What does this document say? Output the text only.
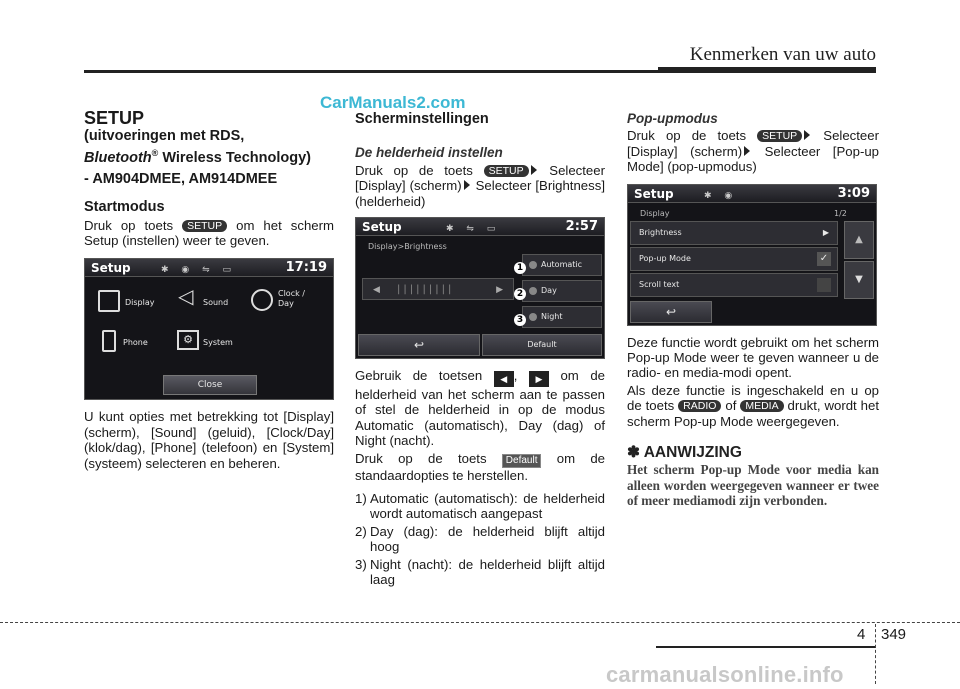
Kenmerken van uw auto
CarManuals2.com
SETUP
(uitvoeringen met RDS,
Bluetooth® Wireless Technology)
- AM904DMEE, AM914DMEE
Startmodus

Druk op toets SETUP om het scherm Setup (instellen) weer te geven.

Setup	✱ ◉ ⇋ ▭	17:19
Display ◁ Sound
Clock /
Day
Phone	⚙	System
Close

U kunt opties met betrekking tot [Display] (scherm), [Sound] (geluid), [Clock/Day] (klok/dag), [Phone] (telefoon) en [System] (systeem) selecteren en beheren.

Scherminstellingen
De helderheid instellen

Druk op de toets SETUP Selecteer [Display] (scherm) Selecteer [Brightness] (helderheid)

Setup	✱ ⇋ ▭	2:57
Display>Brightness
◀ |||||||||	▶
Automatic
Day
Night
1
2
3
↩	Default

Gebruik de toetsen ◀ , ▶ om de helderheid van het scherm aan te passen of stel de helderheid in op de modus Automatic (automatisch), Day (dag) of Night (nacht).

Druk op de toets Default om de standaardopties te herstellen.

1) Automatic (automatisch): de helderheid wordt automatisch aangepast
2) Day (dag): de helderheid blijft altijd hoog
3) Night (nacht): de helderheid blijft altijd laag
Pop-upmodus

Druk op de toets SETUP Selecteer [Display] (scherm) Selecteer [Pop-up Mode] (pop-upmodus)

Setup	✱ ◉	3:09
Display	1/2
Brightness	▶
Pop-up Mode	✓
Scroll text
▲
▼
↩

Deze functie wordt gebruikt om het scherm Pop-up Mode weer te geven wanneer u de radio- en media-modi opent.

Als deze functie is ingeschakeld en u op de toets RADIO of MEDIA drukt, wordt het scherm Pop-up Mode weergegeven.

✽ AANWIJZING

Het scherm Pop-up Mode voor media kan alleen worden weergegeven wanneer er twee of meer mediamodi zijn verbonden.

4 349
carmanualsonline.info
